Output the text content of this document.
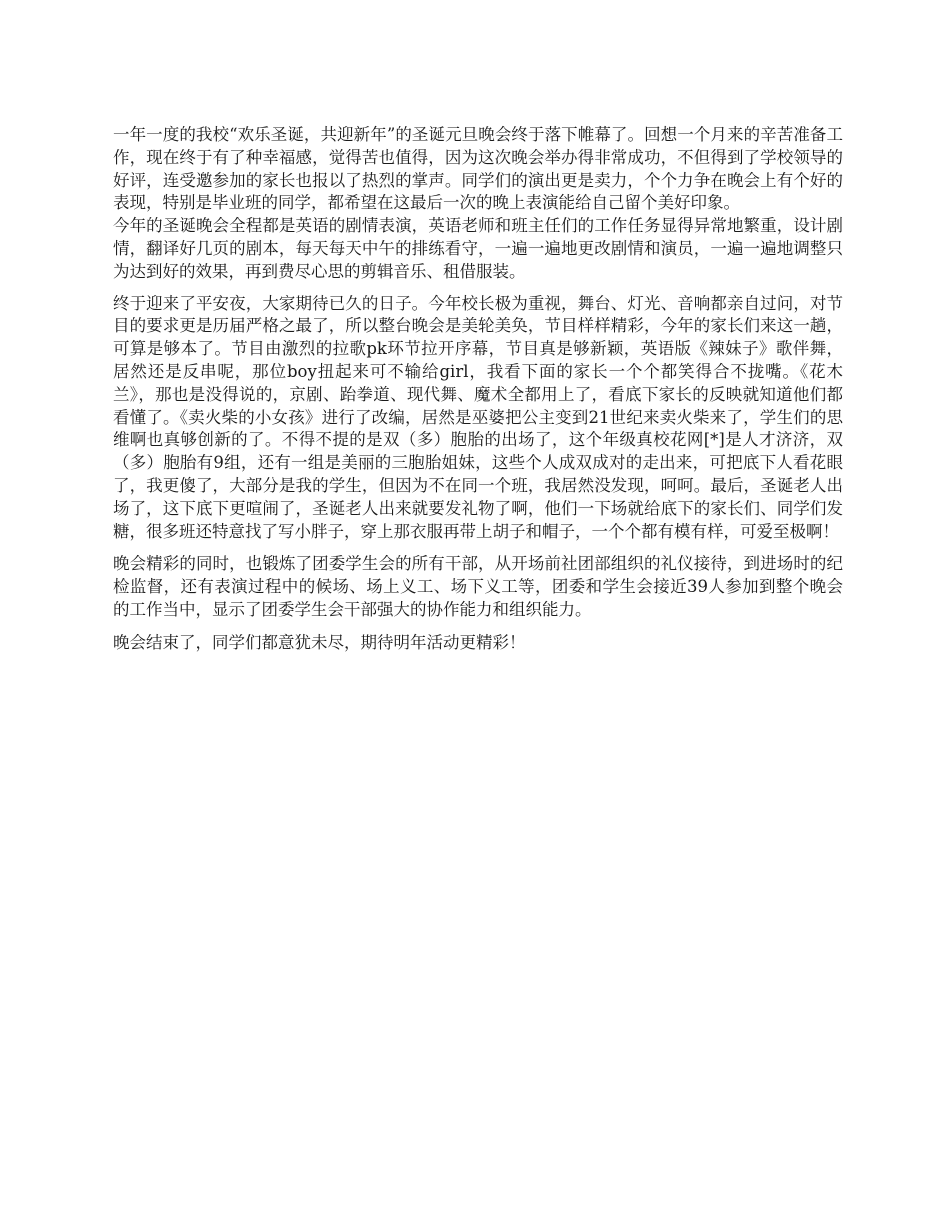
一年一度的我校“欢乐圣诞，共迎新年”的圣诞元旦晚会终于落下帷幕了。回想一个月来的辛苦准备工作，现在终于有了种幸福感，觉得苦也值得，因为这次晚会举办得非常成功，不但得到了学校领导的好评，连受邀参加的家长也报以了热烈的掌声。同学们的演出更是卖力，个个力争在晚会上有个好的表现，特别是毕业班的同学，都希望在这最后一次的晚上表演能给自己留个美好印象。

今年的圣诞晚会全程都是英语的剧情表演，英语老师和班主任们的工作任务显得异常地繁重，设计剧情，翻译好几页的剧本，每天每天中午的排练看守，一遍一遍地更改剧情和演员，一遍一遍地调整只为达到好的效果，再到费尽心思的剪辑音乐、租借服装。

终于迎来了平安夜，大家期待已久的日子。今年校长极为重视，舞台、灯光、音响都亲自过问，对节目的要求更是历届严格之最了，所以整台晚会是美轮美奂，节目样样精彩，今年的家长们来这一趟，可算是够本了。节目由激烈的拉歌pk环节拉开序幕，节目真是够新颖，英语版《辣妹子》歌伴舞，居然还是反串呢，那位boy扭起来可不输给girl，我看下面的家长一个个都笑得合不拢嘴。《花木兰》，那也是没得说的，京剧、跆拳道、现代舞、魔术全都用上了，看底下家长的反映就知道他们都看懂了。《卖火柴的小女孩》进行了改编，居然是巫婆把公主变到21世纪来卖火柴来了，学生们的思维啊也真够创新的了。不得不提的是双（多）胞胎的出场了，这个年级真校花网[*]是人才济济，双（多）胞胎有9组，还有一组是美丽的三胞胎姐妹，这些个人成双成对的走出来，可把底下人看花眼了，我更傻了，大部分是我的学生，但因为不在同一个班，我居然没发现，呵呵。最后，圣诞老人出场了，这下底下更喧闹了，圣诞老人出来就要发礼物了啊，他们一下场就给底下的家长们、同学们发糖，很多班还特意找了写小胖子，穿上那衣服再带上胡子和帽子，一个个都有模有样，可爱至极啊！

晚会精彩的同时，也锻炼了团委学生会的所有干部，从开场前社团部组织的礼仪接待，到进场时的纪检监督，还有表演过程中的候场、场上义工、场下义工等，团委和学生会接近39人参加到整个晚会的工作当中，显示了团委学生会干部强大的协作能力和组织能力。

晚会结束了，同学们都意犹未尽，期待明年活动更精彩！
